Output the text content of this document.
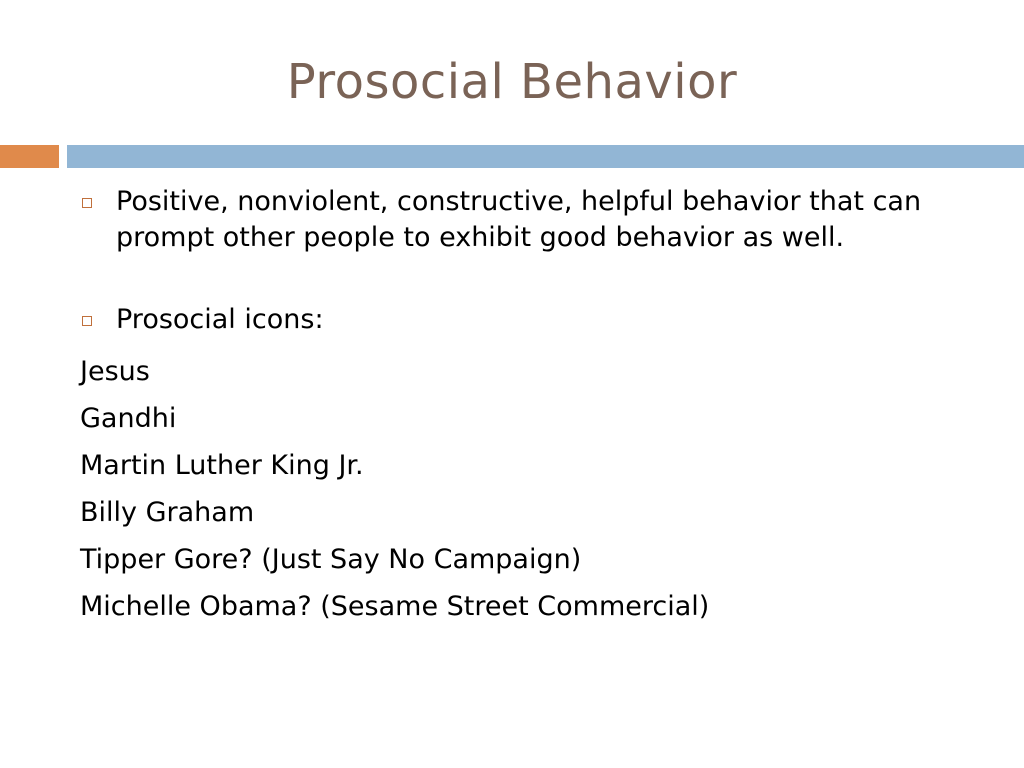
Prosocial Behavior
Positive, nonviolent, constructive, helpful behavior that can prompt other people to exhibit good behavior as well.
Prosocial icons:
Jesus
Gandhi
Martin Luther King Jr.
Billy Graham
Tipper Gore? (Just Say No Campaign)
Michelle Obama? (Sesame Street Commercial)
